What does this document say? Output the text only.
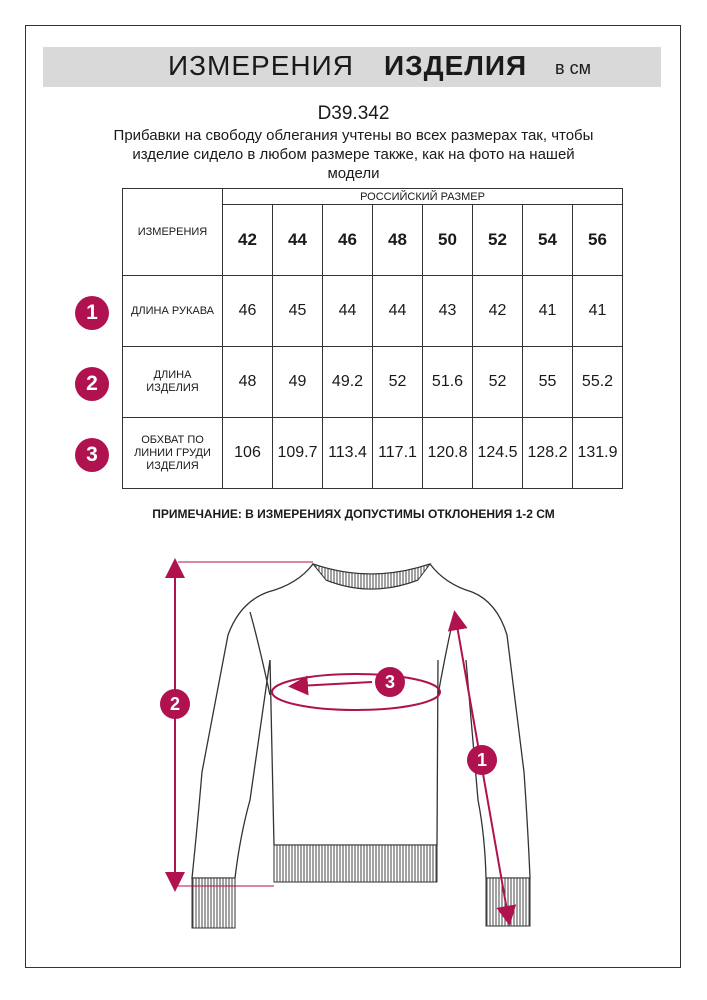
ИЗМЕРЕНИЯ ИЗДЕЛИЯ в см
D39.342
Прибавки на свободу облегания учтены во всех размерах так, чтобы
изделие сидело в любом размере также, как на фото на нашей
модели
ИЗМЕРЕНИЯ	РОССИЙСКИЙ РАЗМЕР							
	42	44	46	48	50	52	54	56
ДЛИНА РУКАВА	46	45	44	44	43	42	41	41

ДЛИНА
ИЗДЕЛИЯ	48	49	49.2	52	51.6	52	55	55.2

ОБХВАТ ПО
ЛИНИИ ГРУДИ
ИЗДЕЛИЯ	106	109.7	113.4	117.1	120.8	124.5	128.2	131.9
1
2
3
ПРИМЕЧАНИЕ: В ИЗМЕРЕНИЯХ ДОПУСТИМЫ ОТКЛОНЕНИЯ 1-2 СМ
2
3
1
